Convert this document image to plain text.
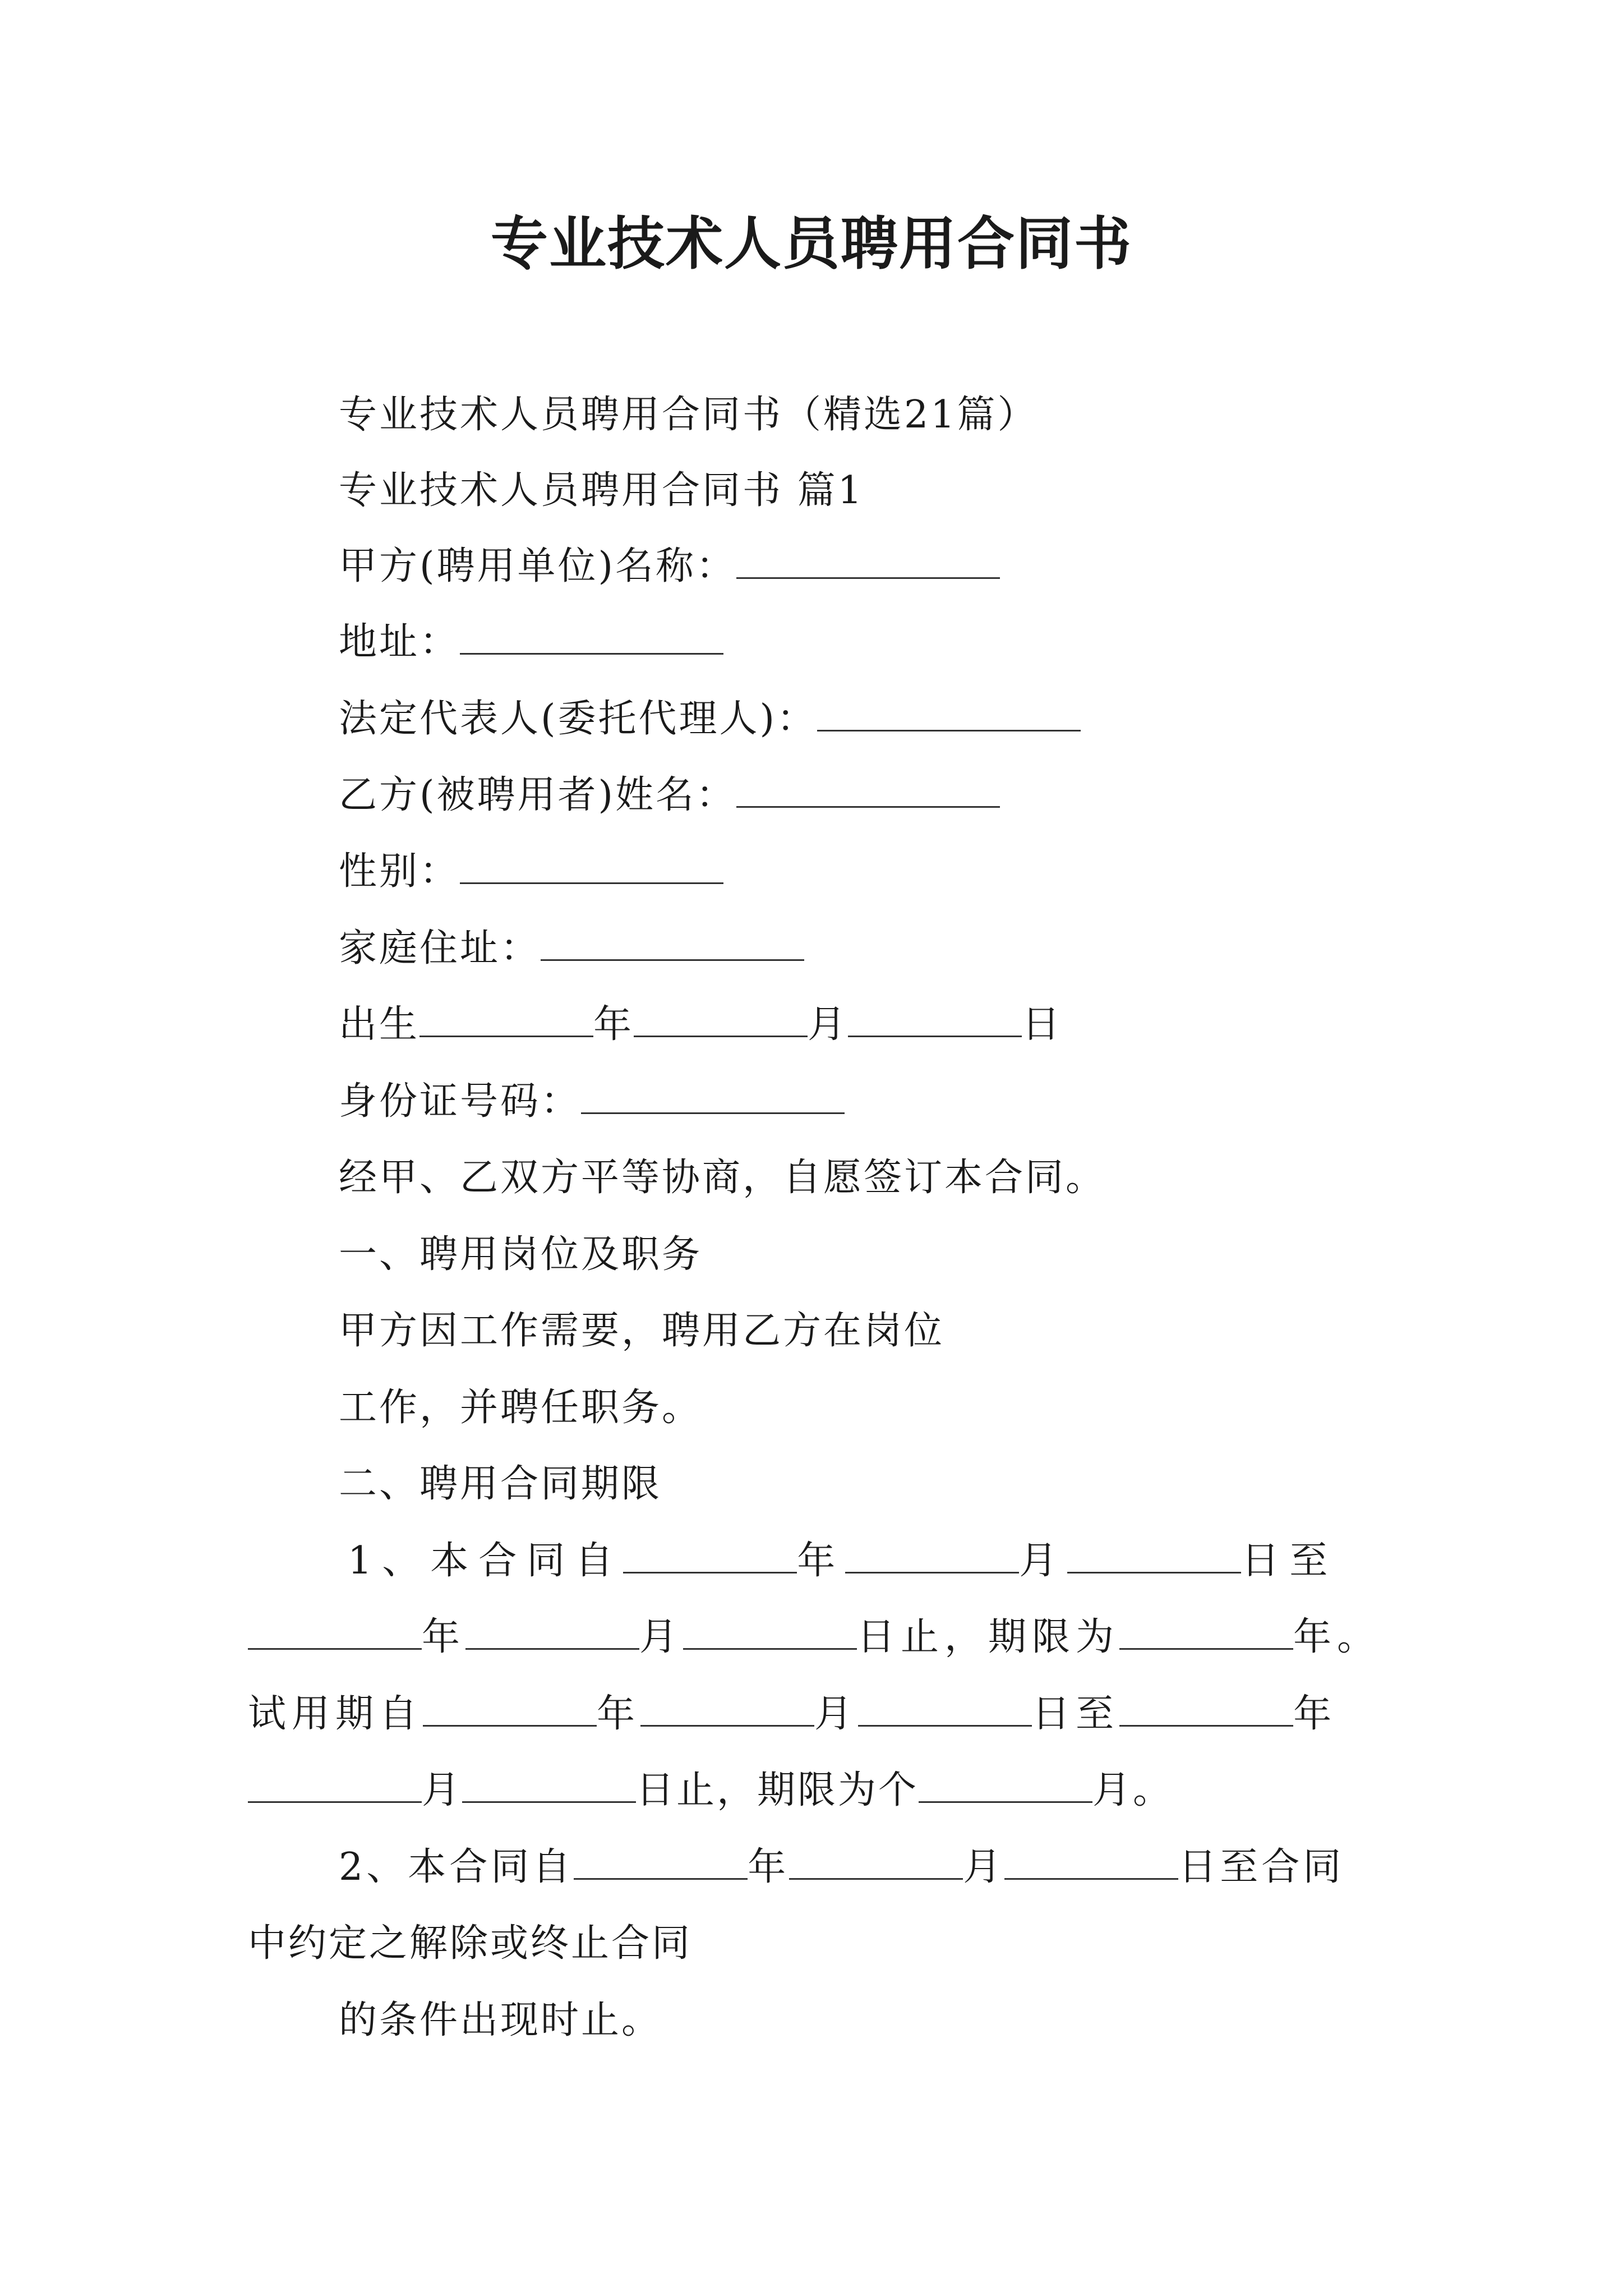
专业技术人员聘用合同书
专业技术人员聘用合同书（精选21篇）
专业技术人员聘用合同书 篇1
甲方(聘用单位)名称：
地址：
法定代表人(委托代理人)：
乙方(被聘用者)姓名：
性别：
家庭住址：
出生	年	月	日
身份证号码：
经甲、乙双方平等协商，自愿签订本合同。
一、聘用岗位及职务
甲方因工作需要，聘用乙方在岗位
工作，并聘任职务。
二、聘用合同期限
1、本合同自	年	月	日至
年	月	日止，期限为	年。
试用期自	年	月	日至	年
月	日止，期限为个	月。
2、本合同自	年	月	日至合同
中约定之解除或终止合同
的条件出现时止。
